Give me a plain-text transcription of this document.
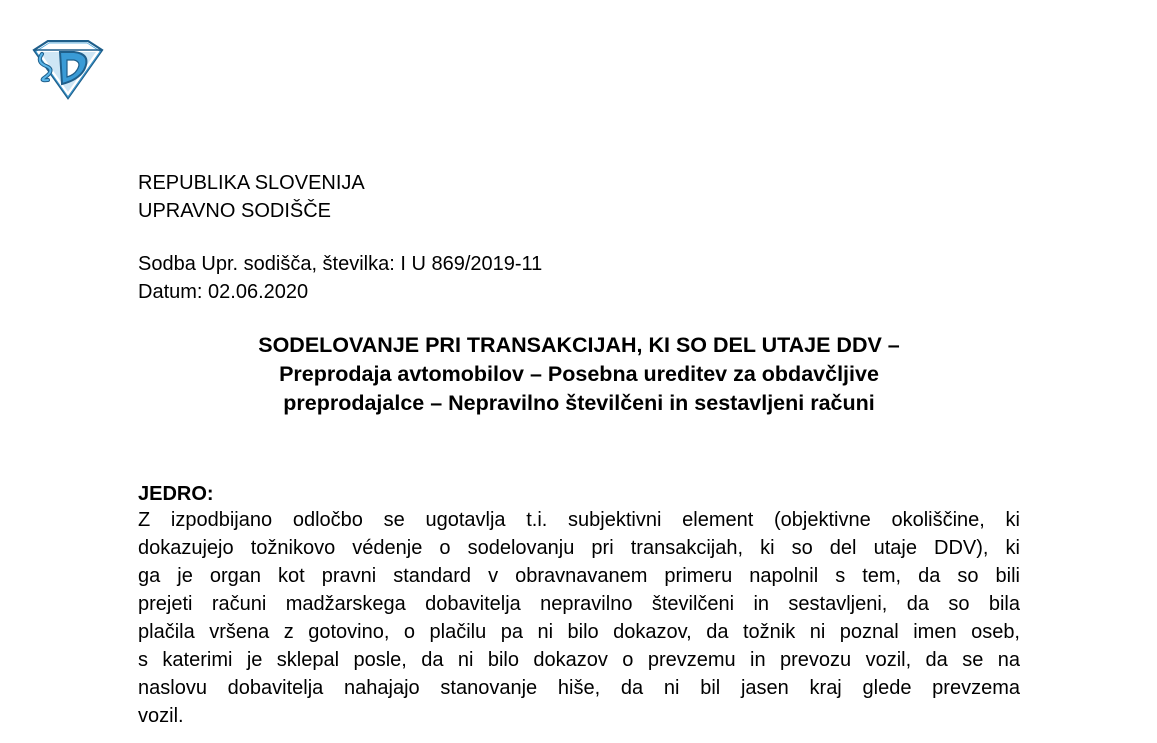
REPUBLIKA SLOVENIJA
UPRAVNO SODIŠČE
Sodba Upr. sodišča, številka: I U 869/2019-11
Datum: 02.06.2020
SODELOVANJE PRI TRANSAKCIJAH, KI SO DEL UTAJE DDV –
Preprodaja avtomobilov – Posebna ureditev za obdavčljive
preprodajalce – Nepravilno številčeni in sestavljeni računi
JEDRO:
Z izpodbijano odločbo se ugotavlja t.i. subjektivni element (objektivne okoliščine, ki
dokazujejo tožnikovo védenje o sodelovanju pri transakcijah, ki so del utaje DDV), ki
ga je organ kot pravni standard v obravnavanem primeru napolnil s tem, da so bili
prejeti računi madžarskega dobavitelja nepravilno številčeni in sestavljeni, da so bila
plačila vršena z gotovino, o plačilu pa ni bilo dokazov, da tožnik ni poznal imen oseb,
s katerimi je sklepal posle, da ni bilo dokazov o prevzemu in prevozu vozil, da se na
naslovu dobavitelja nahajajo stanovanje hiše, da ni bil jasen kraj glede prevzema
vozil.
